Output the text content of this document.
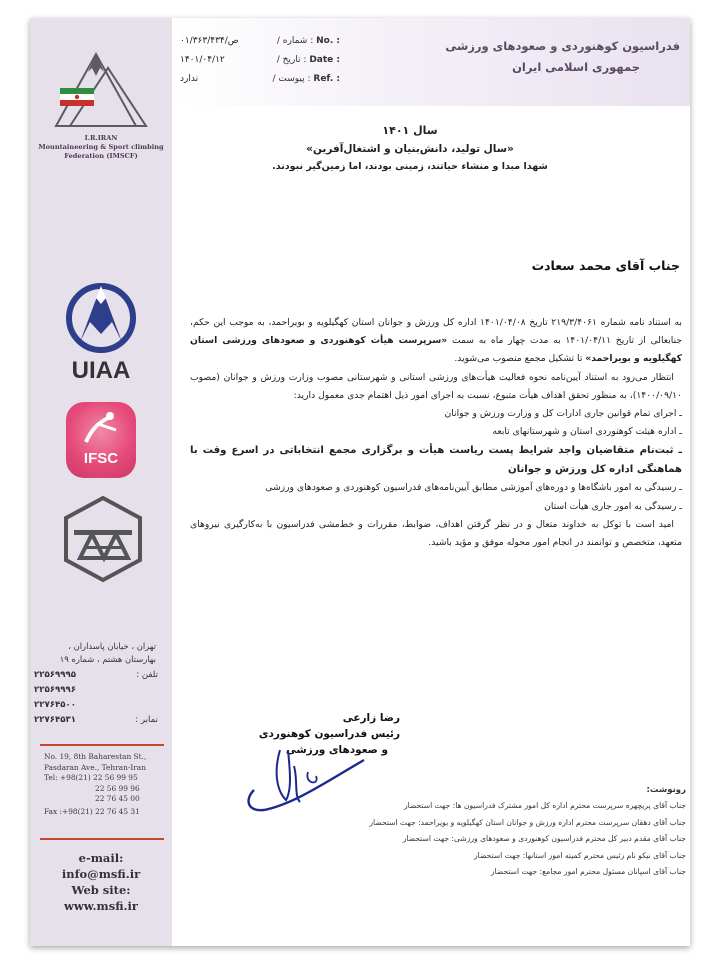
I.R.IRAN
Mountaineering & Sport climbing
Federation (IMSCF)
UIAA
IFSC
تهران ، خیابان پاسداران ،
بهارستان هشتم ، شماره ۱۹
تلفن :
۲۲۵۶۹۹۹۵
۲۲۵۶۹۹۹۶
۲۲۷۶۴۵۰۰
نمابر :
۲۲۷۶۴۵۳۱
No. 19, 8th Baharestan St.,
Pasdaran Ave., Tehran-Iran
Tel: +98(21) 22 56 99 95
22 56 99 96
22 76 45 00
Fax :+98(21) 22 76 45 31
e-mail:
info@msfi.ir
Web site:
www.msfi.ir
۰۱/۳۶۳/ص/۴۳۴	/ شماره : No. :
۱۴۰۱/۰۴/۱۲	/ تاریخ : Date :
ندارد	/ پیوست : Ref. :
فدراسیون کوهنوردی و صعودهای ورزشی
جمهوری اسلامی ایران
سال ۱۴۰۱
«سال تولید، دانش‌بنیان و اشتغال‌آفرین»
شهدا مبدا و منشاء حیاتند، زمینی بودند، اما زمین‌گیر نبودند.
جناب آقای محمد سعادت

به استناد نامه شماره ۲۱۹/۳/۴۰۶۱ تاریخ ۱۴۰۱/۰۴/۰۸ اداره کل ورزش و جوانان استان کهگیلویه و بویراحمد، به موجب این حکم، جنابعالی از تاریخ ۱۴۰۱/۰۴/۱۱ به مدت چهار ماه به سمت «سرپرست هیأت کوهنوردی و صعودهای ورزشی استان کهگیلویه و بویراحمد» تا تشکیل مجمع منصوب می‌شوید.

انتظار می‌رود به استناد آیین‌نامه نحوه فعالیت هیأت‌های ورزشی استانی و شهرستانی مصوب وزارت ورزش و جوانان (مصوب ۱۴۰۰/۰۹/۱۰)، به منظور تحقق اهداف هیأت متبوع، نسبت به اجرای امور ذیل اهتمام جدی معمول دارید:

ـ اجرای تمام قوانین جاری ادارات کل و وزارت ورزش و جوانان

ـ اداره هیئت کوهنوردی استان و شهرستانهای تابعه

ـ ثبت‌نام متقاضیان واجد شرایط پست ریاست هیأت و برگزاری مجمع انتخاباتی در اسرع وقت با هماهنگی اداره کل ورزش و جوانان

ـ رسیدگی به امور باشگاه‌ها و دوره‌های آموزشی مطابق آیین‌نامه‌های فدراسیون کوهنوردی و صعودهای ورزشی

ـ رسیدگی به امور جاری هیأت استان

امید است با توکل به خداوند متعال و در نظر گرفتن اهداف، ضوابط، مقررات و خط‌مشی فدراسیون با به‌کارگیری نیروهای متعهد، متخصص و توانمند در انجام امور محوله موفق و مؤید باشید.

رضا زارعی
رئیس فدراسیون کوهنوردی
و صعودهای ورزشی
رونوشت:
جناب آقای پریچهره سرپرست محترم اداره کل امور مشترک فدراسیون ها: جهت استحضار
جناب آقای دهقان سرپرست محترم اداره ورزش و جوانان استان کهگیلویه و بویراحمد: جهت استحضار
جناب آقای مقدم دبیر کل محترم فدراسیون کوهنوردی و صعودهای ورزشی: جهت استحضار
جناب آقای نیکو نام رئیس محترم کمیته امور استانها: جهت استحضار
جناب آقای اسپانان مسئول محترم امور مجامع: جهت استحضار
